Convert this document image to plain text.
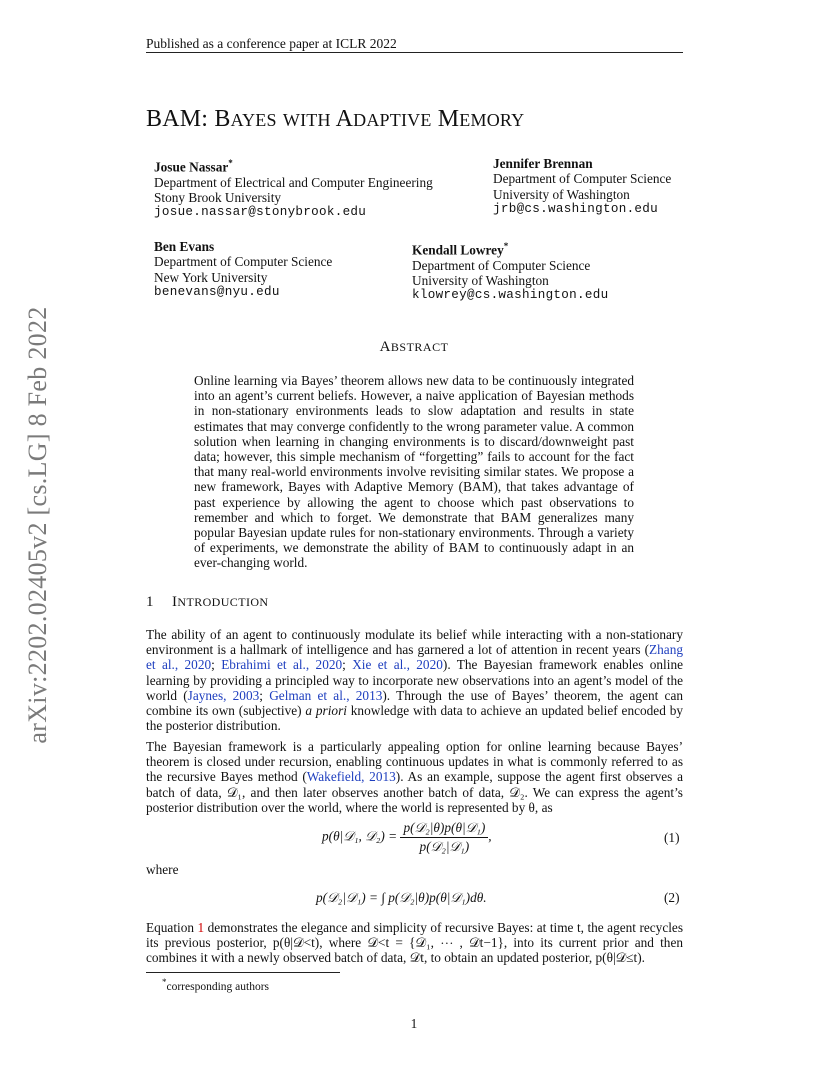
Published as a conference paper at ICLR 2022
arXiv:2202.02405v2 [cs.LG] 8 Feb 2022
BAM: BAYES WITH ADAPTIVE MEMORY
Josue Nassar*
Department of Electrical and Computer Engineering
Stony Brook University
josue.nassar@stonybrook.edu
Jennifer Brennan
Department of Computer Science
University of Washington
jrb@cs.washington.edu
Ben Evans
Department of Computer Science
New York University
benevans@nyu.edu
Kendall Lowrey*
Department of Computer Science
University of Washington
klowrey@cs.washington.edu
ABSTRACT
Online learning via Bayes’ theorem allows new data to be continuously integrated into an agent’s current beliefs. However, a naive application of Bayesian methods in non-stationary environments leads to slow adaptation and results in state estimates that may converge confidently to the wrong parameter value. A common solution when learning in changing environments is to discard/downweight past data; however, this simple mechanism of “forgetting” fails to account for the fact that many real-world environments involve revisiting similar states. We propose a new framework, Bayes with Adaptive Memory (BAM), that takes advantage of past experience by allowing the agent to choose which past observations to remember and which to forget. We demonstrate that BAM generalizes many popular Bayesian update rules for non-stationary environments. Through a variety of experiments, we demonstrate the ability of BAM to continuously adapt in an ever-changing world.
1 INTRODUCTION
The ability of an agent to continuously modulate its belief while interacting with a non-stationary environment is a hallmark of intelligence and has garnered a lot of attention in recent years (Zhang et al., 2020; Ebrahimi et al., 2020; Xie et al., 2020). The Bayesian framework enables online learning by providing a principled way to incorporate new observations into an agent’s model of the world (Jaynes, 2003; Gelman et al., 2013). Through the use of Bayes’ theorem, the agent can combine its own (subjective) a priori knowledge with data to achieve an updated belief encoded by the posterior distribution.
The Bayesian framework is a particularly appealing option for online learning because Bayes’ theorem is closed under recursion, enabling continuous updates in what is commonly referred to as the recursive Bayes method (Wakefield, 2013). As an example, suppose the agent first observes a batch of data, 𝒟₁, and then later observes another batch of data, 𝒟₂. We can express the agent’s posterior distribution over the world, where the world is represented by θ, as
p(θ|𝒟₁, 𝒟₂) = $\frac{\text{p(𝒟₂|θ)p(θ|𝒟₁)}}{\text{p(𝒟₂|𝒟₁)}}$ ,	(1)
where
p(𝒟₂|𝒟₁) = ∫ p(𝒟₂|θ)p(θ|𝒟₁)dθ.	(2)
Equation 1 demonstrates the elegance and simplicity of recursive Bayes: at time t, the agent recycles its previous posterior, p(θ|𝒟<t), where 𝒟<t = {𝒟₁, ⋯ , 𝒟t−1}, into its current prior and then combines it with a newly observed batch of data, 𝒟t, to obtain an updated posterior, p(θ|𝒟≤t).
*corresponding authors
1
